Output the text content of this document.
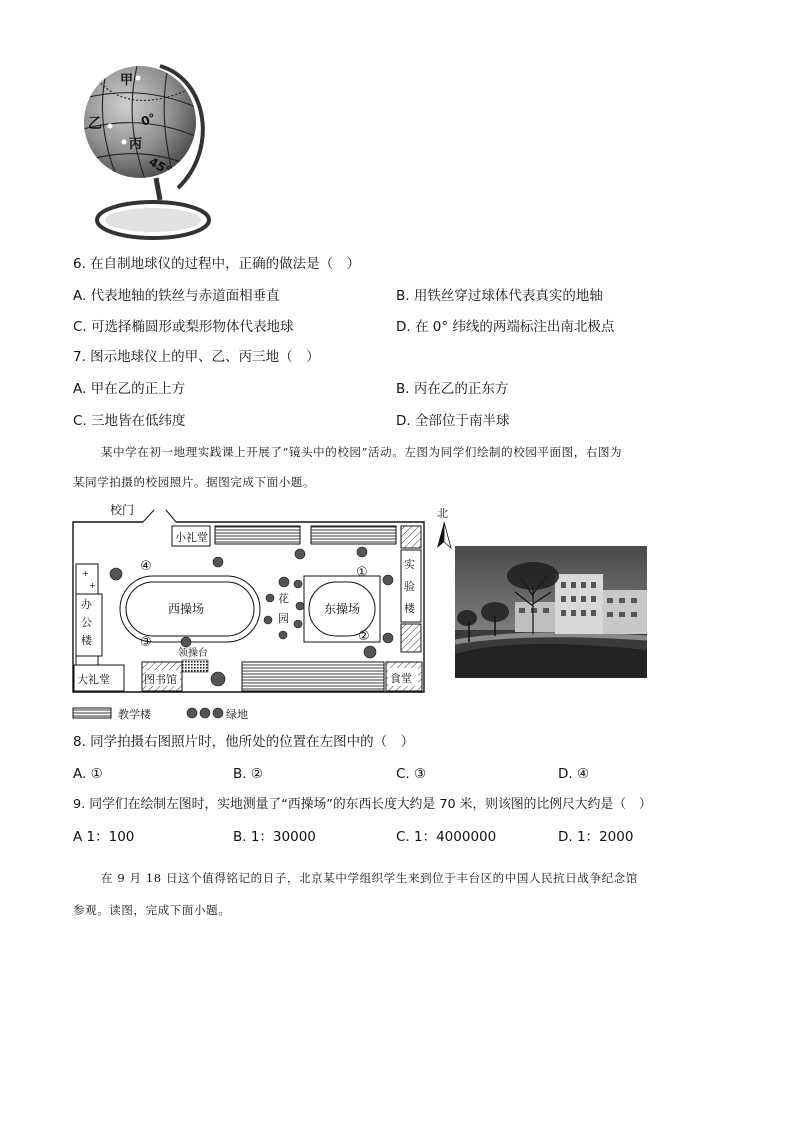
甲
乙
丙
0°
45°
6. 在自制地球仪的过程中，正确的做法是（　）
A. 代表地轴的铁丝与赤道面相垂直	B. 用铁丝穿过球体代表真实的地轴
C. 可选择椭圆形或梨形物体代表地球	D. 在 0° 纬线的两端标注出南北极点
7. 图示地球仪上的甲、乙、丙三地（　）
A. 甲在乙的正上方	B. 丙在乙的正东方
C. 三地皆在低纬度	D. 全部位于南半球
某中学在初一地理实践课上开展了“镜头中的校园”活动。左图为同学们绘制的校园平面图，右图为
某同学拍摄的校园照片。据图完成下面小题。
校门
小礼堂
实
验
楼
+
+
办
公
楼
西操场	东操场
花
园
④	①
②
③
领操台
大礼堂	图书馆	食堂
教学楼	绿地
北
8. 同学拍摄右图照片时，他所处的位置在左图中的（　）
A. ①	B. ②	C. ③	D. ④
9. 同学们在绘制左图时，实地测量了“西操场”的东西长度大约是 70 米，则该图的比例尺大约是（　）
A 1：100	B. 1：30000	C. 1：4000000	D. 1：2000
在 9 月 18 日这个值得铭记的日子，北京某中学组织学生来到位于丰台区的中国人民抗日战争纪念馆
参观。读图，完成下面小题。
